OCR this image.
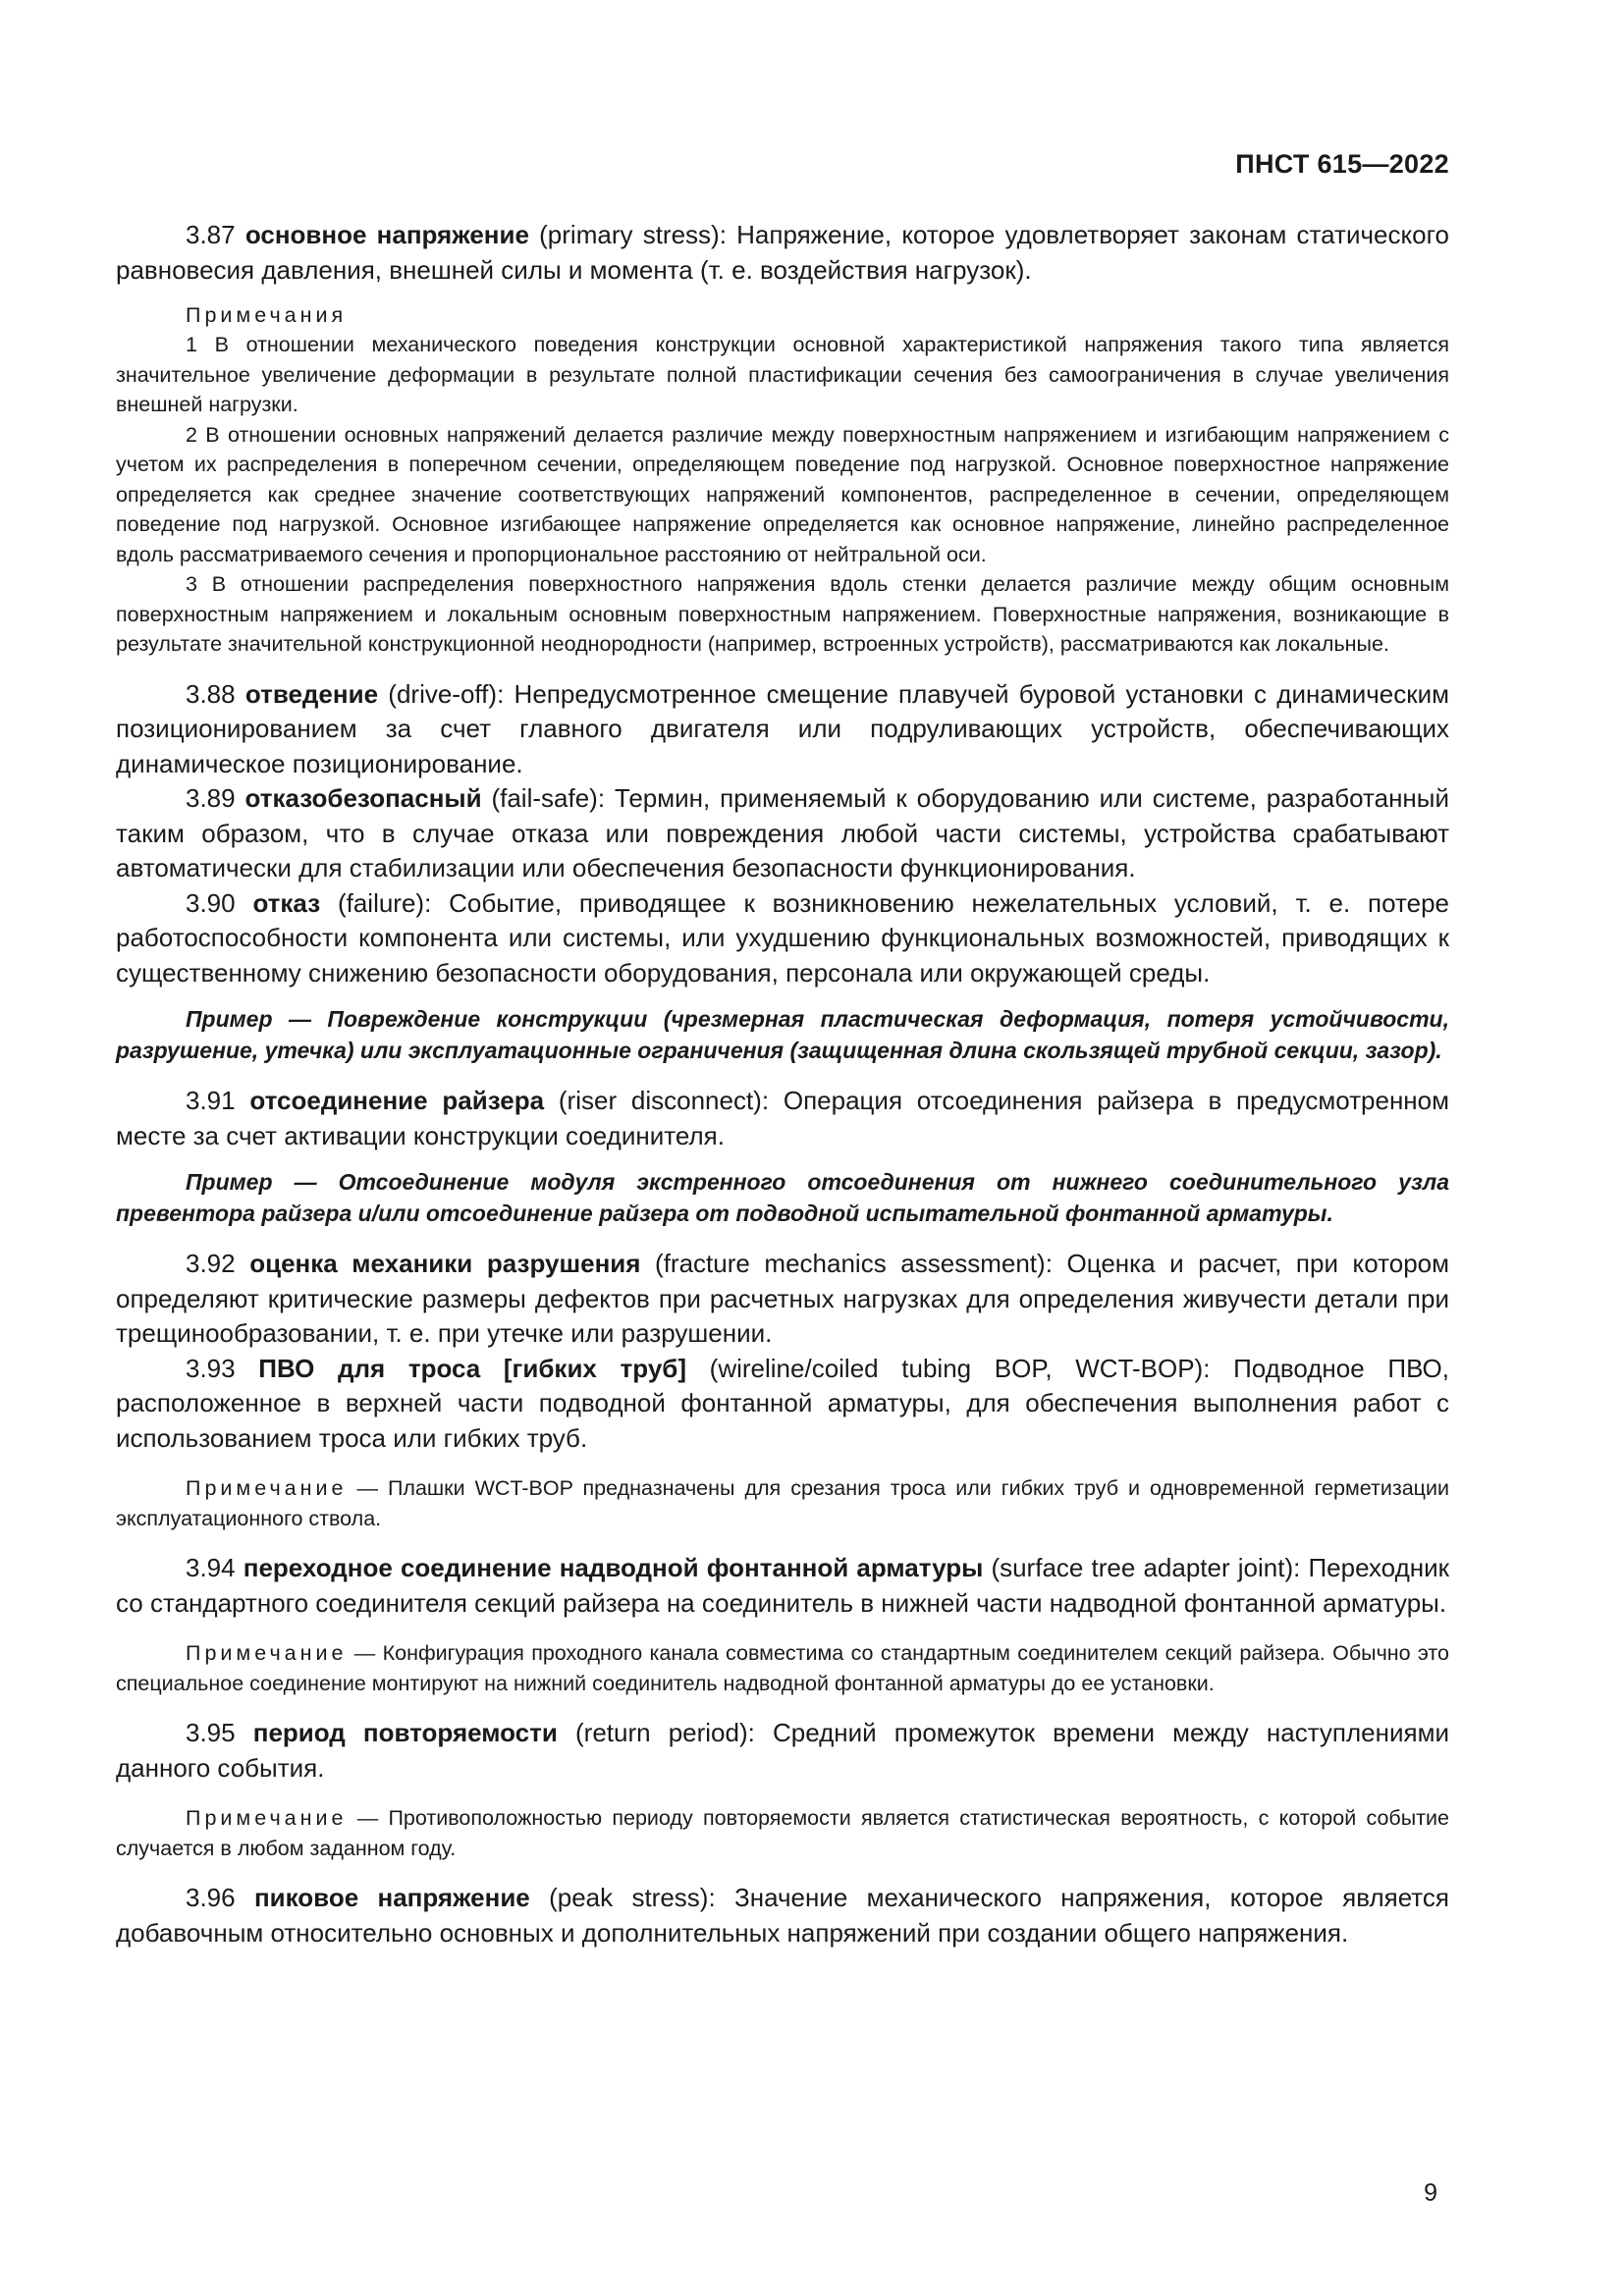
ПНСТ 615—2022

3.87 основное напряжение (primary stress): Напряжение, которое удовлетворяет законам статического равновесия давления, внешней силы и момента (т. е. воздействия нагрузок).

Примечания

1 В отношении механического поведения конструкции основной характеристикой напряжения такого типа является значительное увеличение деформации в результате полной пластификации сечения без самоограничения в случае увеличения внешней нагрузки.

2 В отношении основных напряжений делается различие между поверхностным напряжением и изгибающим напряжением с учетом их распределения в поперечном сечении, определяющем поведение под нагрузкой. Основное поверхностное напряжение определяется как среднее значение соответствующих напряжений компонентов, распределенное в сечении, определяющем поведение под нагрузкой. Основное изгибающее напряжение определяется как основное напряжение, линейно распределенное вдоль рассматриваемого сечения и пропорциональное расстоянию от нейтральной оси.

3 В отношении распределения поверхностного напряжения вдоль стенки делается различие между общим основным поверхностным напряжением и локальным основным поверхностным напряжением. Поверхностные напряжения, возникающие в результате значительной конструкционной неоднородности (например, встроенных устройств), рассматриваются как локальные.

3.88 отведение (drive-off): Непредусмотренное смещение плавучей буровой установки с динамическим позиционированием за счет главного двигателя или подруливающих устройств, обеспечивающих динамическое позиционирование.

3.89 отказобезопасный (fail-safe): Термин, применяемый к оборудованию или системе, разработанный таким образом, что в случае отказа или повреждения любой части системы, устройства срабатывают автоматически для стабилизации или обеспечения безопасности функционирования.

3.90 отказ (failure): Событие, приводящее к возникновению нежелательных условий, т. е. потере работоспособности компонента или системы, или ухудшению функциональных возможностей, приводящих к существенному снижению безопасности оборудования, персонала или окружающей среды.

Пример — Повреждение конструкции (чрезмерная пластическая деформация, потеря устойчивости, разрушение, утечка) или эксплуатационные ограничения (защищенная длина скользящей трубной секции, зазор).

3.91 отсоединение райзера (riser disconnect): Операция отсоединения райзера в предусмотренном месте за счет активации конструкции соединителя.

Пример — Отсоединение модуля экстренного отсоединения от нижнего соединительного узла превентора райзера и/или отсоединение райзера от подводной испытательной фонтанной арматуры.

3.92 оценка механики разрушения (fracture mechanics assessment): Оценка и расчет, при котором определяют критические размеры дефектов при расчетных нагрузках для определения живучести детали при трещинообразовании, т. е. при утечке или разрушении.

3.93 ПВО для троса [гибких труб] (wireline/coiled tubing BOP, WCT-BOP): Подводное ПВО, расположенное в верхней части подводной фонтанной арматуры, для обеспечения выполнения работ с использованием троса или гибких труб.

Примечание — Плашки WCT-BOP предназначены для срезания троса или гибких труб и одновременной герметизации эксплуатационного ствола.

3.94 переходное соединение надводной фонтанной арматуры (surface tree adapter joint): Переходник со стандартного соединителя секций райзера на соединитель в нижней части надводной фонтанной арматуры.

Примечание — Конфигурация проходного канала совместима со стандартным соединителем секций райзера. Обычно это специальное соединение монтируют на нижний соединитель надводной фонтанной арматуры до ее установки.

3.95 период повторяемости (return period): Средний промежуток времени между наступлениями данного события.

Примечание — Противоположностью периоду повторяемости является статистическая вероятность, с которой событие случается в любом заданном году.

3.96 пиковое напряжение (peak stress): Значение механического напряжения, которое является добавочным относительно основных и дополнительных напряжений при создании общего напряжения.

9
